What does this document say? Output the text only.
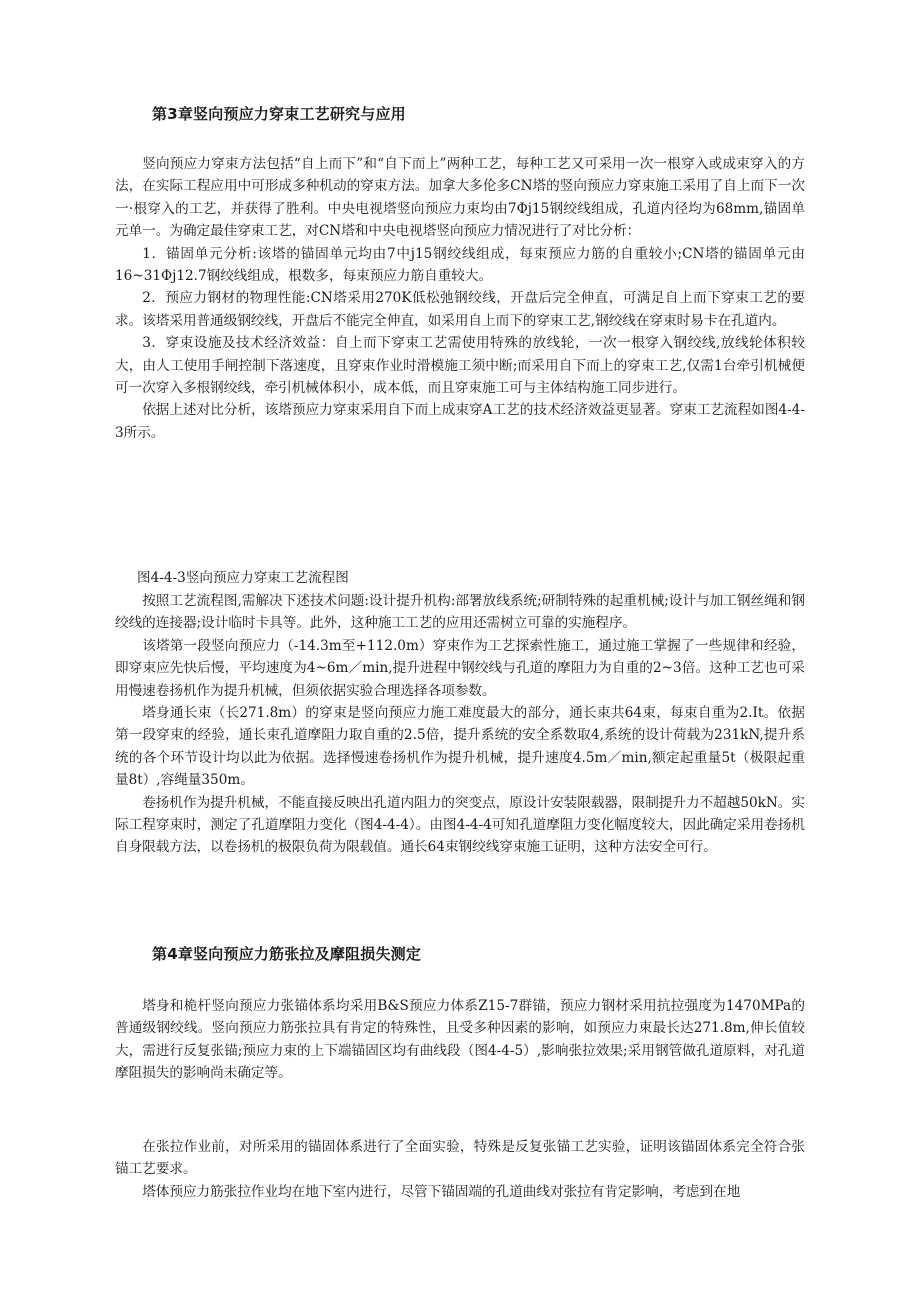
第3章竖向预应力穿束工艺研究与应用

竖向预应力穿束方法包括“自上而下”和“自下而上”两种工艺，每种工艺又可采用一次一根穿入或成束穿入的方法，在实际工程应用中可形成多种机动的穿束方法。加拿大多伦多CN塔的竖向预应力穿束施工采用了自上而下一次一·根穿入的工艺，并获得了胜利。中央电视塔竖向预应力束均由7Φj15钢绞线组成，孔道内径均为68mm,锚固单元单一。为确定最佳穿束工艺，对CN塔和中央电视塔竖向预应力情况进行了对比分析：

1．锚固单元分析:该塔的锚固单元均由7中j15钢绞线组成，每束预应力筋的自重较小;CN塔的锚固单元由16~31Φj12.7钢绞线组成，根数多，每束预应力筋自重较大。

2．预应力钢材的物理性能:CN塔采用270K低松弛钢绞线，开盘后完全伸直，可满足自上而下穿束工艺的要求。该塔采用普通级钢绞线，开盘后不能完全伸直，如采用自上而下的穿束工艺,钢绞线在穿束时易卡在孔道内。

3．穿束设施及技术经济效益：自上而下穿束工艺需使用特殊的放线轮，一次一根穿入钢绞线,放线轮体积较大，由人工使用手闸控制下落速度，且穿束作业时滑模施工须中断;而采用自下而上的穿束工艺,仅需1台牵引机械便可一次穿入多根钢绞线，牵引机械体积小，成本低，而且穿束施工可与主体结构施工同步进行。

依据上述对比分析，该塔预应力穿束采用自下而上成束穿A工艺的技术经济效益更显著。穿束工艺流程如图4-4-3所示。

图4-4-3竖向预应力穿束工艺流程图

按照工艺流程图,需解决下述技术问题:设计提升机构:部署放线系统;研制特殊的起重机械;设计与加工钢丝绳和钢绞线的连接器;设计临时卡具等。此外，这种施工工艺的应用还需树立可靠的实施程序。

该塔第一段竖向预应力（-14.3m至+112.0m）穿束作为工艺探索性施工，通过施工掌握了一些规律和经验，即穿束应先快后慢，平均速度为4~6m／min,提升进程中钢绞线与孔道的摩阻力为自重的2~3倍。这种工艺也可采用慢速卷扬机作为提升机械，但须依据实验合理选择各项参数。

塔身通长束（长271.8m）的穿束是竖向预应力施工难度最大的部分，通长束共64束，每束自重为2.It。依据第一段穿束的经验，通长束孔道摩阻力取自重的2.5倍，提升系统的安全系数取4,系统的设计荷载为231kN,提升系统的各个环节设计均以此为依据。选择慢速卷扬机作为提升机械，提升速度4.5m／min,额定起重量5t（极限起重量8t）,容绳量350m。

卷扬机作为提升机械，不能直接反映出孔道内阻力的突变点，原设计安装限载器，限制提升力不超越50kN。实际工程穿束时，测定了孔道摩阻力变化（图4-4-4）。由图4-4-4可知孔道摩阻力变化幅度较大，因此确定采用卷扬机自身限载方法，以卷扬机的极限负荷为限载值。通长64束钢绞线穿束施工证明，这种方法安全可行。

第4章竖向预应力筋张拉及摩阻损失测定

塔身和桅杆竖向预应力张锚体系均采用B&S预应力体系Z15-7群锚，预应力钢材采用抗拉强度为1470MPa的普通级钢绞线。竖向预应力筋张拉具有肯定的特殊性，且受多种因素的影响，如预应力束最长达271.8m,伸长值较大，需进行反复张锚;预应力束的上下端锚固区均有曲线段（图4-4-5）,影响张拉效果;采用钢管做孔道原料，对孔道摩阻损失的影响尚未确定等。

在张拉作业前，对所采用的锚固体系进行了全面实验，特殊是反复张锚工艺实验，证明该锚固体系完全符合张锚工艺要求。

塔体预应力筋张拉作业均在地下室内进行，尽管下锚固端的孔道曲线对张拉有肯定影响，考虑到在地
